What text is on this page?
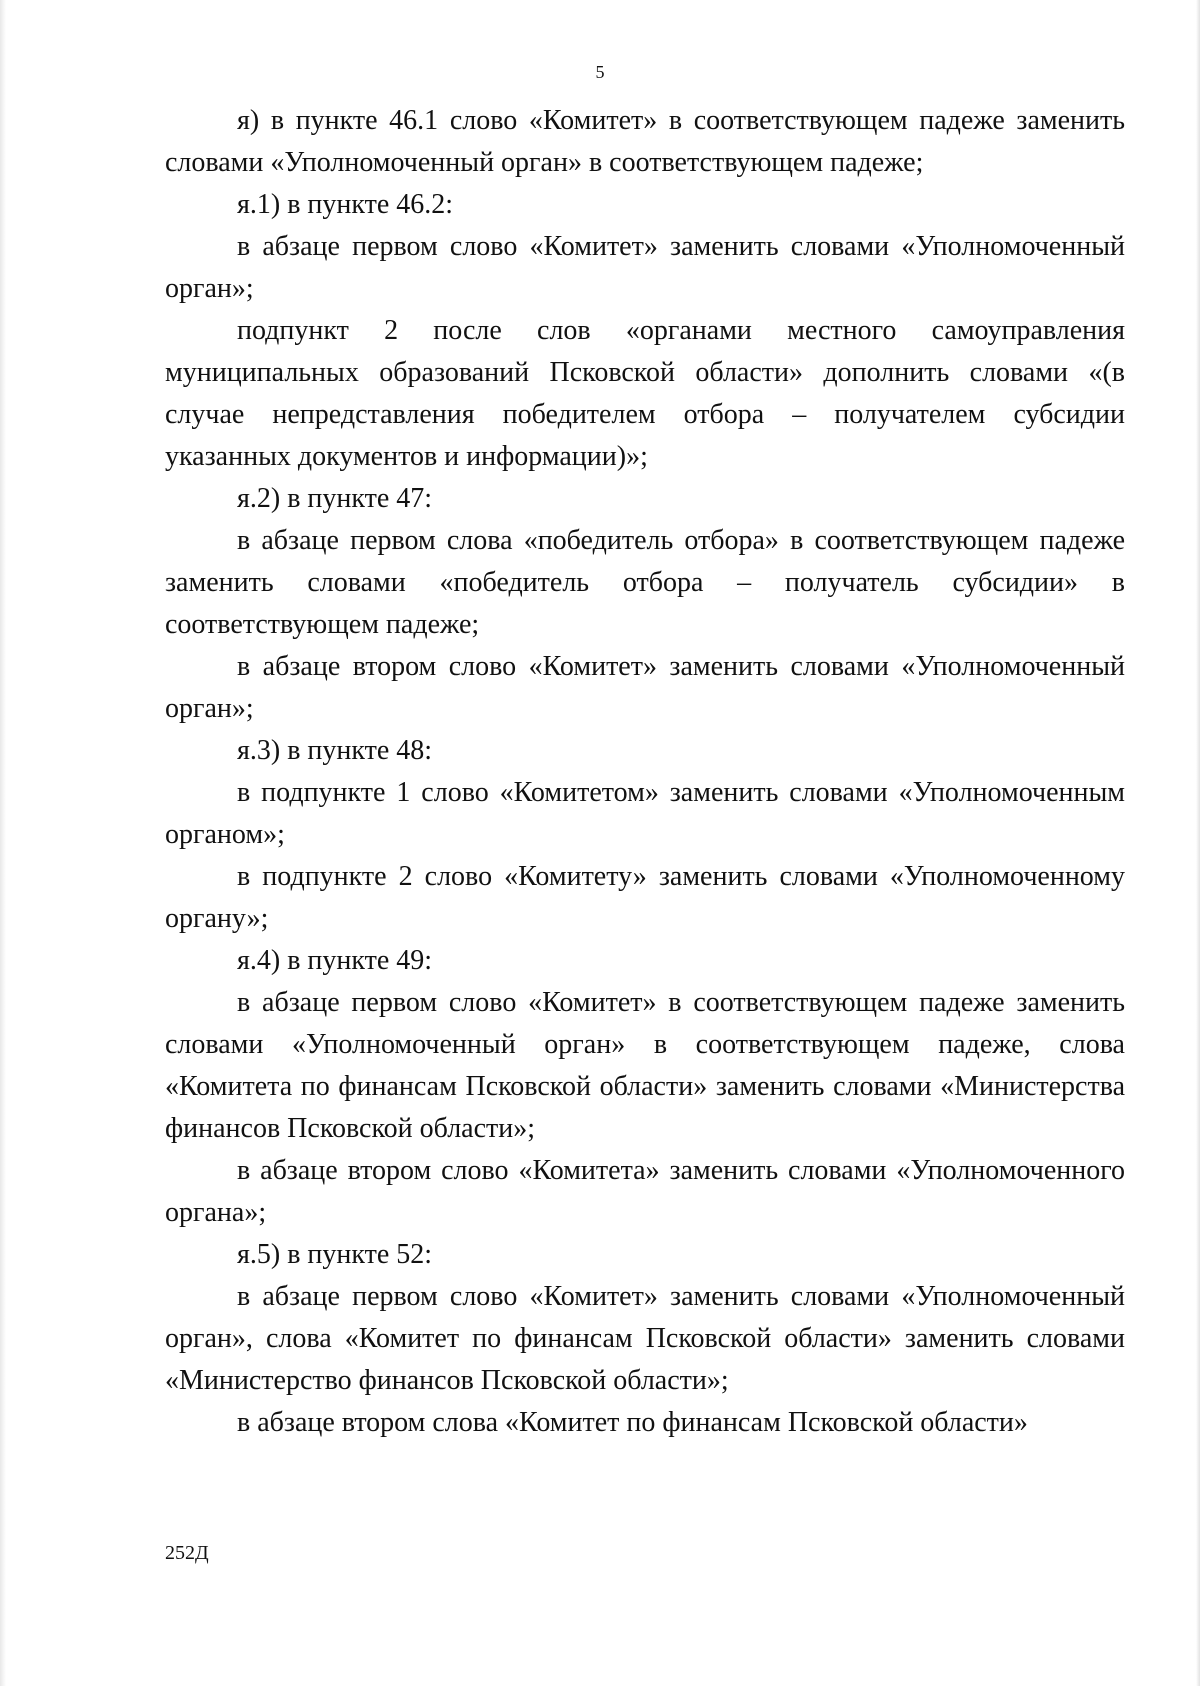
5

я) в пункте 46.1 слово «Комитет» в соответствующем падеже заменить словами «Уполномоченный орган» в соответствующем падеже;

я.1) в пункте 46.2:

в абзаце первом слово «Комитет» заменить словами «Уполномоченный орган»;

подпункт 2 после слов «органами местного самоуправления муниципальных образований Псковской области» дополнить словами «(в случае непредставления победителем отбора – получателем субсидии указанных документов и информации)»;

я.2) в пункте 47:

в абзаце первом слова «победитель отбора» в соответствующем падеже заменить словами «победитель отбора – получатель субсидии» в соответствующем падеже;

в абзаце втором слово «Комитет» заменить словами «Уполномоченный орган»;

я.3) в пункте 48:

в подпункте 1 слово «Комитетом» заменить словами «Уполномоченным органом»;

в подпункте 2 слово «Комитету» заменить словами «Уполномоченному органу»;

я.4) в пункте 49:

в абзаце первом слово «Комитет» в соответствующем падеже заменить словами «Уполномоченный орган» в соответствующем падеже, слова «Комитета по финансам Псковской области» заменить словами «Министерства финансов Псковской области»;

в абзаце втором слово «Комитета» заменить словами «Уполномоченного органа»;

я.5) в пункте 52:

в абзаце первом слово «Комитет» заменить словами «Уполномоченный орган», слова «Комитет по финансам Псковской области» заменить словами «Министерство финансов Псковской области»;

в абзаце втором слова «Комитет по финансам Псковской области»

252Д
